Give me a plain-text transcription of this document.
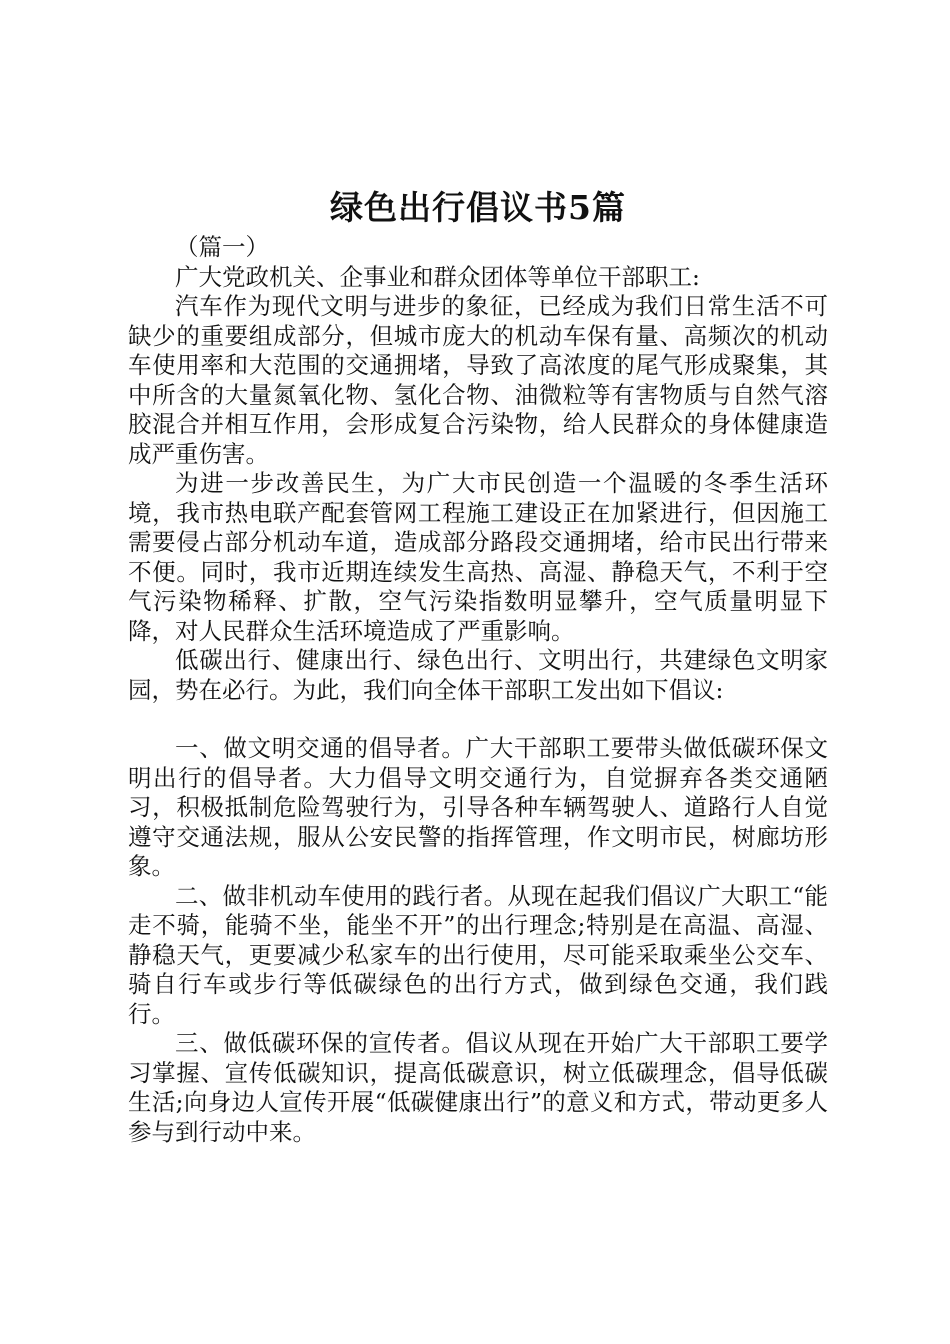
绿色出行倡议书5篇

（篇一）

广大党政机关、企事业和群众团体等单位干部职工:

汽车作为现代文明与进步的象征，已经成为我们日常生活不可缺少的重要组成部分，但城市庞大的机动车保有量、高频次的机动车使用率和大范围的交通拥堵，导致了高浓度的尾气形成聚集，其中所含的大量氮氧化物、氢化合物、油微粒等有害物质与自然气溶胶混合并相互作用，会形成复合污染物，给人民群众的身体健康造成严重伤害。

为进一步改善民生，为广大市民创造一个温暖的冬季生活环境，我市热电联产配套管网工程施工建设正在加紧进行，但因施工需要侵占部分机动车道，造成部分路段交通拥堵，给市民出行带来不便。同时，我市近期连续发生高热、高湿、静稳天气，不利于空气污染物稀释、扩散，空气污染指数明显攀升，空气质量明显下降，对人民群众生活环境造成了严重影响。

低碳出行、健康出行、绿色出行、文明出行，共建绿色文明家园，势在必行。为此，我们向全体干部职工发出如下倡议:

一、做文明交通的倡导者。广大干部职工要带头做低碳环保文明出行的倡导者。大力倡导文明交通行为，自觉摒弃各类交通陋习，积极抵制危险驾驶行为，引导各种车辆驾驶人、道路行人自觉遵守交通法规，服从公安民警的指挥管理，作文明市民，树廊坊形象。

二、做非机动车使用的践行者。从现在起我们倡议广大职工“能走不骑，能骑不坐，能坐不开”的出行理念;特别是在高温、高湿、静稳天气，更要减少私家车的出行使用，尽可能采取乘坐公交车、骑自行车或步行等低碳绿色的出行方式，做到绿色交通，我们践行。

三、做低碳环保的宣传者。倡议从现在开始广大干部职工要学习掌握、宣传低碳知识，提高低碳意识，树立低碳理念，倡导低碳生活;向身边人宣传开展“低碳健康出行”的意义和方式，带动更多人参与到行动中来。
